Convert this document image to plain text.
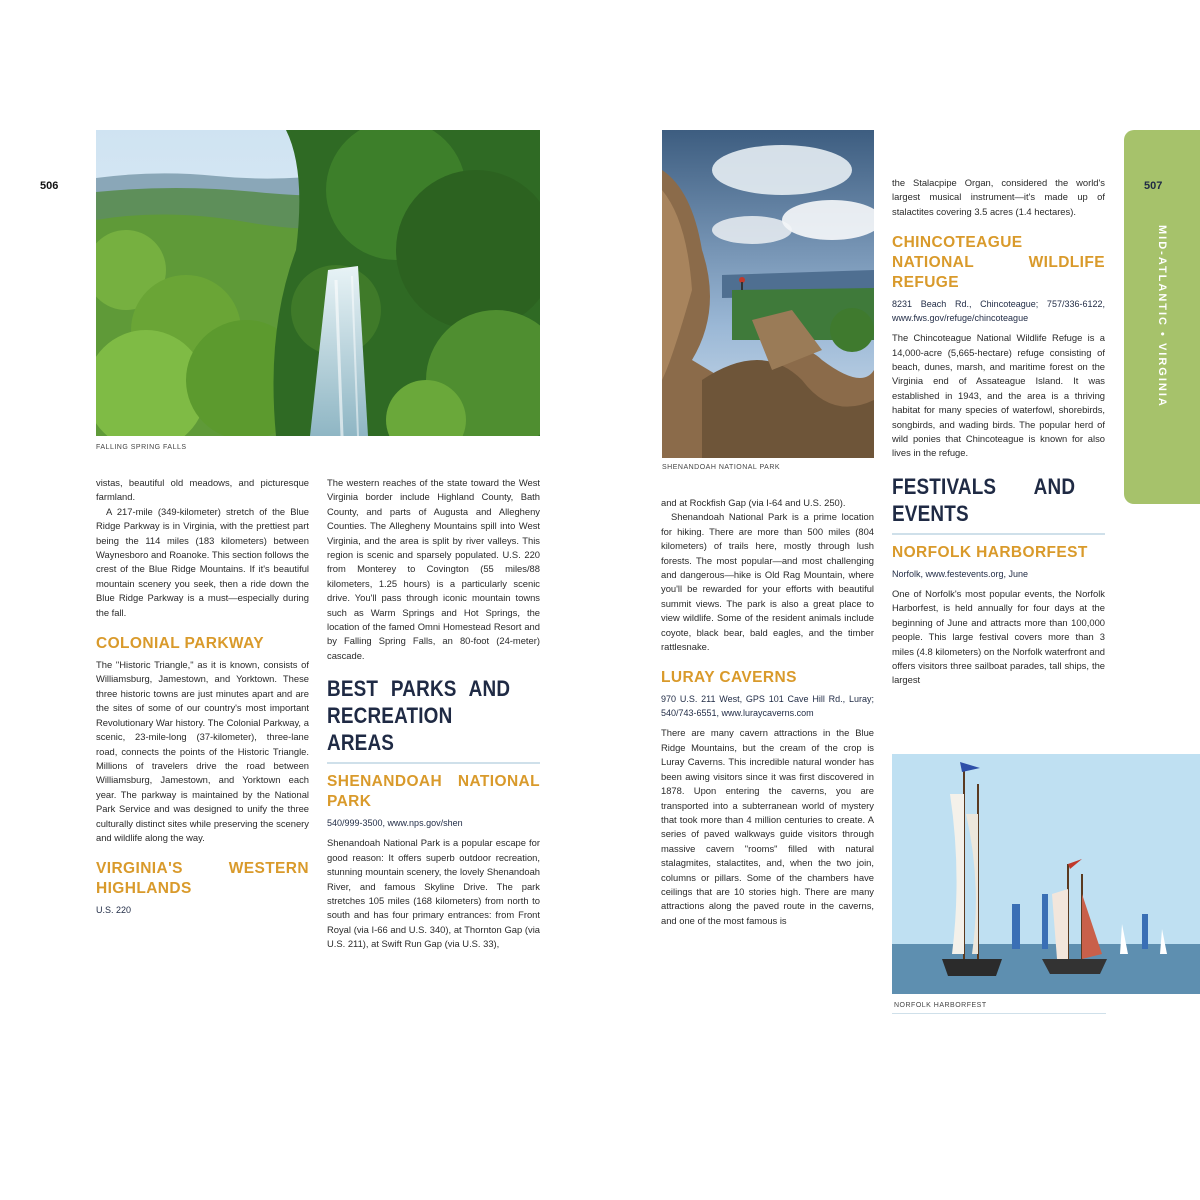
506
FALLING SPRING FALLS

vistas, beautiful old meadows, and picturesque farmland.

A 217-mile (349-kilometer) stretch of the Blue Ridge Parkway is in Virginia, with the prettiest part being the 114 miles (183 kilometers) between Waynesboro and Roanoke. This section follows the crest of the Blue Ridge Mountains. If it's beautiful mountain scenery you seek, then a ride down the Blue Ridge Parkway is a must—especially during the fall.

COLONIAL PARKWAY

The "Historic Triangle," as it is known, consists of Williamsburg, Jamestown, and Yorktown. These three historic towns are just minutes apart and are the sites of some of our country's most important Revolutionary War history. The Colonial Parkway, a scenic, 23-mile-long (37-kilometer), three-lane road, connects the points of the Historic Triangle. Millions of travelers drive the road between Williamsburg, Jamestown, and Yorktown each year. The parkway is maintained by the National Park Service and was designed to unify the three culturally distinct sites while preserving the scenery and wildlife along the way.

VIRGINIA'S WESTERN HIGHLANDS
U.S. 220

The western reaches of the state toward the West Virginia border include Highland County, Bath County, and parts of Augusta and Allegheny Counties. The Allegheny Mountains spill into West Virginia, and the area is split by river valleys. This region is scenic and sparsely populated. U.S. 220 from Monterey to Covington (55 miles/88 kilometers, 1.25 hours) is a particularly scenic drive. You'll pass through iconic mountain towns such as Warm Springs and Hot Springs, the location of the famed Omni Homestead Resort and by Falling Spring Falls, an 80-foot (24-meter) cascade.

BEST PARKS AND RECREATION AREAS
SHENANDOAH NATIONAL PARK
540/999-3500, www.nps.gov/shen

Shenandoah National Park is a popular escape for good reason: It offers superb outdoor recreation, stunning mountain scenery, the lovely Shenandoah River, and famous Skyline Drive. The park stretches 105 miles (168 kilometers) from north to south and has four primary entrances: from Front Royal (via I-66 and U.S. 340), at Thornton Gap (via U.S. 211), at Swift Run Gap (via U.S. 33),

SHENANDOAH NATIONAL PARK

and at Rockfish Gap (via I-64 and U.S. 250).

Shenandoah National Park is a prime location for hiking. There are more than 500 miles (804 kilometers) of trails here, mostly through lush forests. The most popular—and most challenging and dangerous—hike is Old Rag Mountain, where you'll be rewarded for your efforts with beautiful summit views. The park is also a great place to view wildlife. Some of the resident animals include coyote, black bear, bald eagles, and the timber rattlesnake.

LURAY CAVERNS
970 U.S. 211 West, GPS 101 Cave Hill Rd., Luray; 540/743-6551, www.luraycaverns.com

There are many cavern attractions in the Blue Ridge Mountains, but the cream of the crop is Luray Caverns. This incredible natural wonder has been awing visitors since it was first discovered in 1878. Upon entering the caverns, you are transported into a subterranean world of mystery that took more than 4 million centuries to create. A series of paved walkways guide visitors through massive cavern "rooms" filled with natural stalagmites, stalactites, and, when the two join, columns or pillars. Some of the chambers have ceilings that are 10 stories high. There are many attractions along the paved route in the caverns, and one of the most famous is

the Stalacpipe Organ, considered the world's largest musical instrument—it's made up of stalactites covering 3.5 acres (1.4 hectares).

CHINCOTEAGUE NATIONAL WILDLIFE REFUGE
8231 Beach Rd., Chincoteague; 757/336-6122, www.fws.gov/refuge/chincoteague

The Chincoteague National Wildlife Refuge is a 14,000-acre (5,665-hectare) refuge consisting of beach, dunes, marsh, and maritime forest on the Virginia end of Assateague Island. It was established in 1943, and the area is a thriving habitat for many species of waterfowl, shorebirds, songbirds, and wading birds. The popular herd of wild ponies that Chincoteague is known for also lives in the refuge.

FESTIVALS AND EVENTS
NORFOLK HARBORFEST
Norfolk, www.festevents.org, June

One of Norfolk's most popular events, the Norfolk Harborfest, is held annually for four days at the beginning of June and attracts more than 100,000 people. This large festival covers more than 3 miles (4.8 kilometers) on the Norfolk waterfront and offers visitors three sailboat parades, tall ships, the largest

NORFOLK HARBORFEST
507
MID-ATLANTIC • VIRGINIA
